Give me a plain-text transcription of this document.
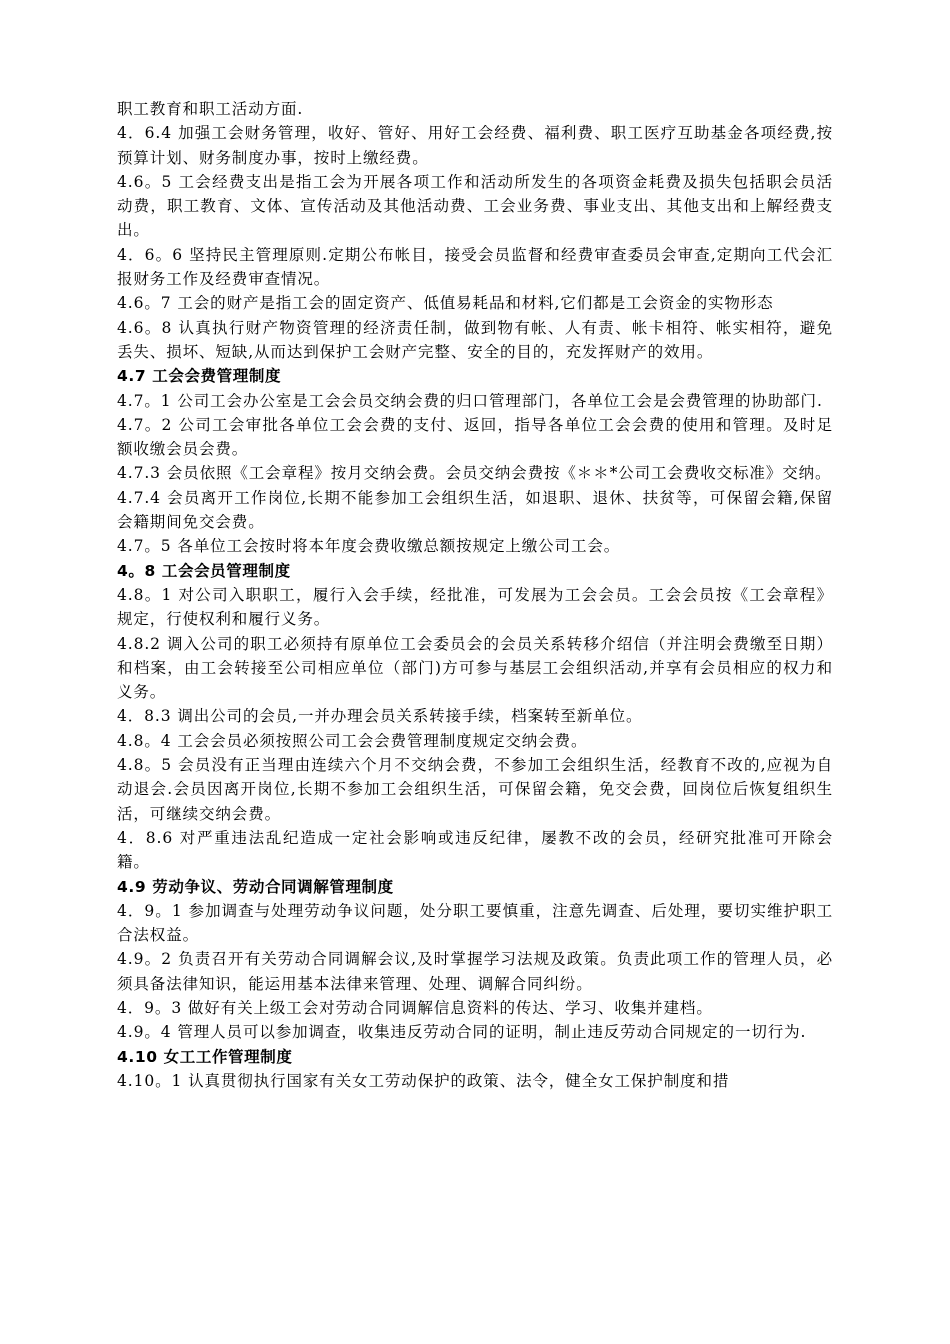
职工教育和职工活动方面.

4．6.4 加强工会财务管理，收好、管好、用好工会经费、福利费、职工医疗互助基金各项经费,按预算计划、财务制度办事，按时上缴经费。

4.6。5 工会经费支出是指工会为开展各项工作和活动所发生的各项资金耗费及损失包括职会员活动费，职工教育、文体、宣传活动及其他活动费、工会业务费、事业支出、其他支出和上解经费支出。

4．6。6 坚持民主管理原则.定期公布帐目，接受会员监督和经费审查委员会审查,定期向工代会汇报财务工作及经费审查情况。

4.6。7 工会的财产是指工会的固定资产、低值易耗品和材料,它们都是工会资金的实物形态

4.6。8 认真执行财产物资管理的经济责任制，做到物有帐、人有责、帐卡相符、帐实相符，避免丢失、损坏、短缺,从而达到保护工会财产完整、安全的目的，充发挥财产的效用。

4.7 工会会费管理制度

4.7。1 公司工会办公室是工会会员交纳会费的归口管理部门，各单位工会是会费管理的协助部门.

4.7。2 公司工会审批各单位工会会费的支付、返回，指导各单位工会会费的使用和管理。及时足额收缴会员会费。

4.7.3 会员依照《工会章程》按月交纳会费。会员交纳会费按《＊＊*公司工会费收交标准》交纳。

4.7.4 会员离开工作岗位,长期不能参加工会组织生活，如退职、退休、扶贫等，可保留会籍,保留会籍期间免交会费。

4.7。5 各单位工会按时将本年度会费收缴总额按规定上缴公司工会。

4。8 工会会员管理制度

4.8。1 对公司入职职工，履行入会手续，经批准，可发展为工会会员。工会会员按《工会章程》规定，行使权利和履行义务。

4.8.2 调入公司的职工必须持有原单位工会委员会的会员关系转移介绍信（并注明会费缴至日期）和档案，由工会转接至公司相应单位（部门)方可参与基层工会组织活动,并享有会员相应的权力和义务。

4．8.3 调出公司的会员,一并办理会员关系转接手续，档案转至新单位。

4.8。4 工会会员必须按照公司工会会费管理制度规定交纳会费。

4.8。5 会员没有正当理由连续六个月不交纳会费，不参加工会组织生活，经教育不改的,应视为自动退会.会员因离开岗位,长期不参加工会组织生活，可保留会籍，免交会费，回岗位后恢复组织生活，可继续交纳会费。

4．8.6 对严重违法乱纪造成一定社会影响或违反纪律，屡教不改的会员，经研究批准可开除会籍。

4.9 劳动争议、劳动合同调解管理制度

4．9。1 参加调查与处理劳动争议问题，处分职工要慎重，注意先调查、后处理，要切实维护职工合法权益。

4.9。2 负责召开有关劳动合同调解会议,及时掌握学习法规及政策。负责此项工作的管理人员，必须具备法律知识，能运用基本法律来管理、处理、调解合同纠纷。

4．9。3 做好有关上级工会对劳动合同调解信息资料的传达、学习、收集并建档。

4.9。4 管理人员可以参加调查，收集违反劳动合同的证明，制止违反劳动合同规定的一切行为.

4.10 女工工作管理制度

4.10。1 认真贯彻执行国家有关女工劳动保护的政策、法令，健全女工保护制度和措
